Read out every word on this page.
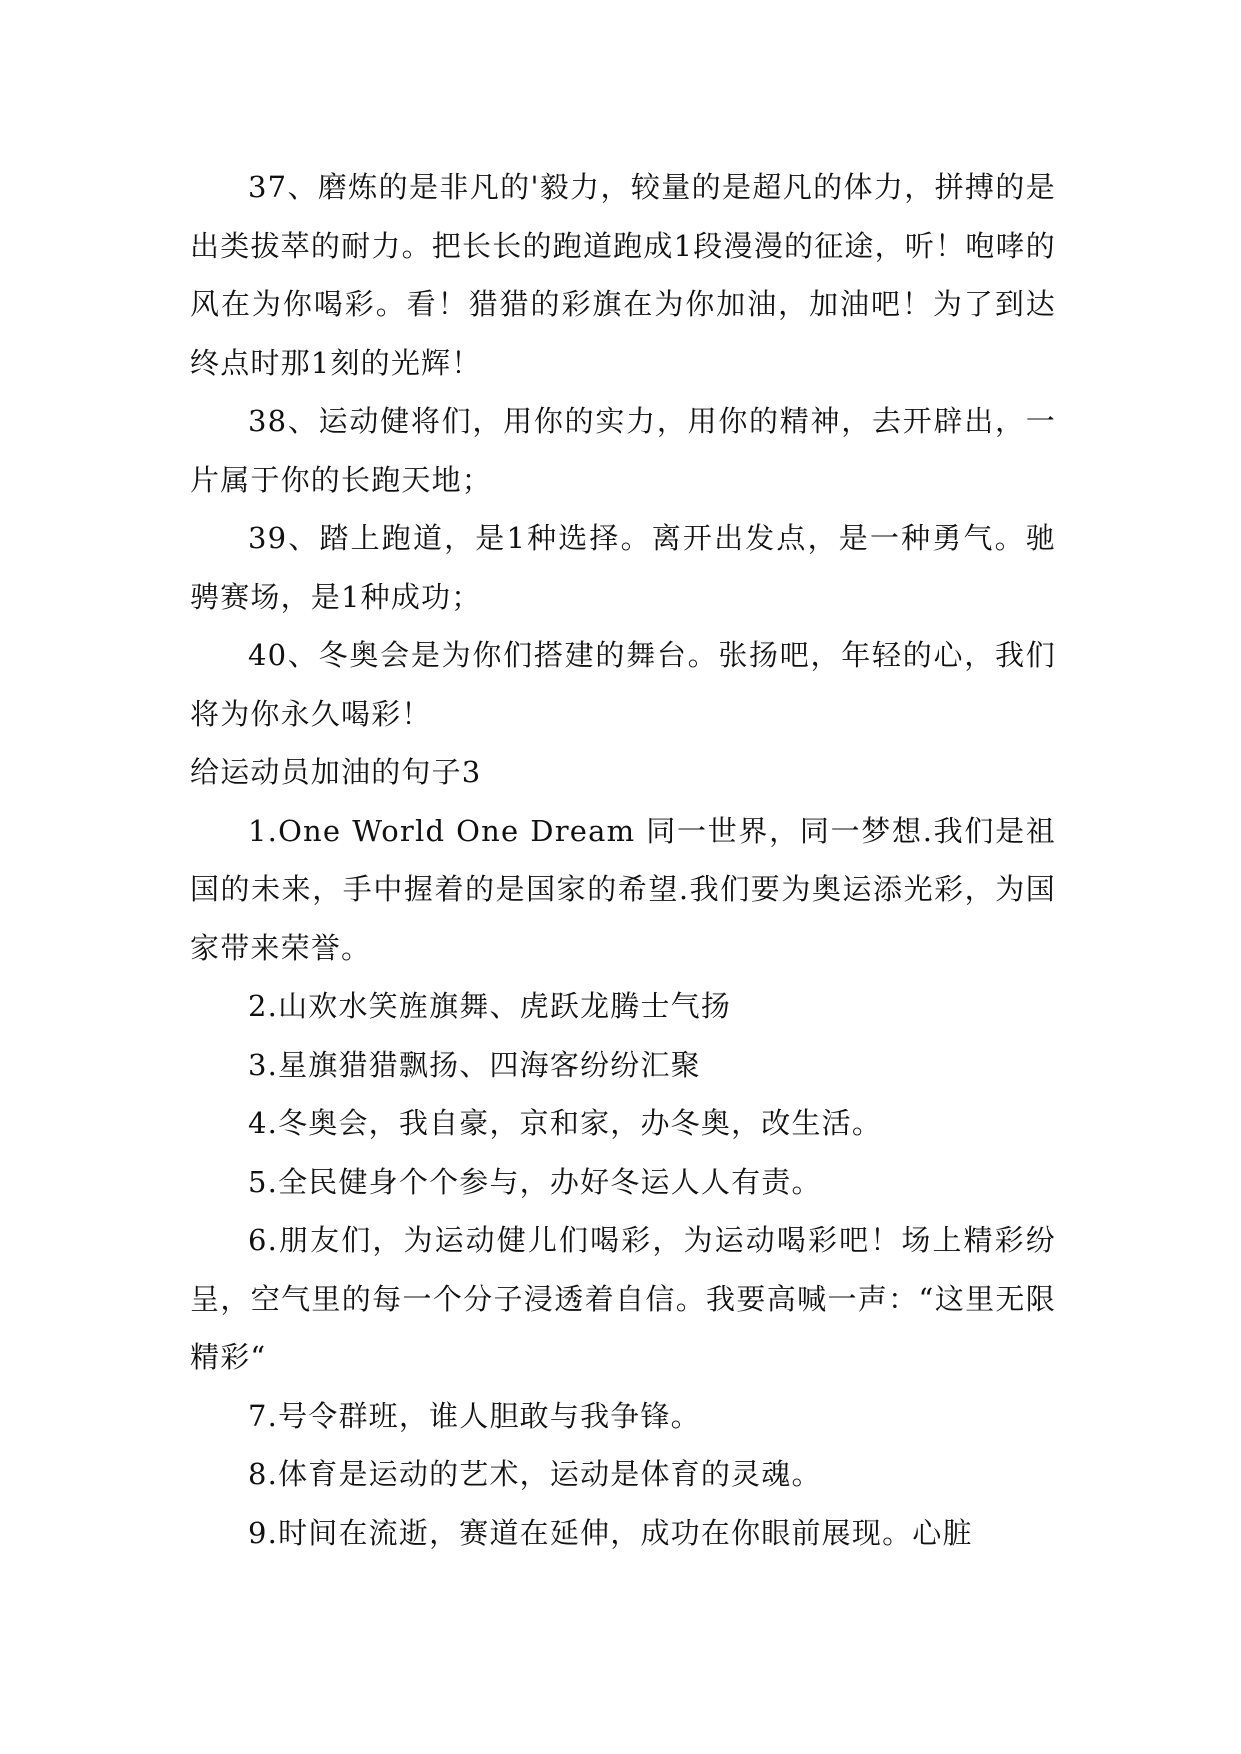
37、磨炼的是非凡的'毅力，较量的是超凡的体力，拼搏的是出类拔萃的耐力。把长长的跑道跑成1段漫漫的征途，听！咆哮的风在为你喝彩。看！猎猎的彩旗在为你加油，加油吧！为了到达终点时那1刻的光辉！

38、运动健将们，用你的实力，用你的精神，去开辟出，一片属于你的长跑天地；

39、踏上跑道，是1种选择。离开出发点，是一种勇气。驰骋赛场，是1种成功；

40、冬奥会是为你们搭建的舞台。张扬吧，年轻的心，我们将为你永久喝彩！

给运动员加油的句子3

1.One World One Dream 同一世界，同一梦想.我们是祖国的未来，手中握着的是国家的希望.我们要为奥运添光彩，为国家带来荣誉。

2.山欢水笑旌旗舞、虎跃龙腾士气扬

3.星旗猎猎飘扬、四海客纷纷汇聚

4.冬奥会，我自豪，京和家，办冬奥，改生活。

5.全民健身个个参与，办好冬运人人有责。

6.朋友们，为运动健儿们喝彩，为运动喝彩吧！场上精彩纷呈，空气里的每一个分子浸透着自信。我要高喊一声：“这里无限精彩“

7.号令群班，谁人胆敢与我争锋。

8.体育是运动的艺术，运动是体育的灵魂。

9.时间在流逝，赛道在延伸，成功在你眼前展现。心脏
